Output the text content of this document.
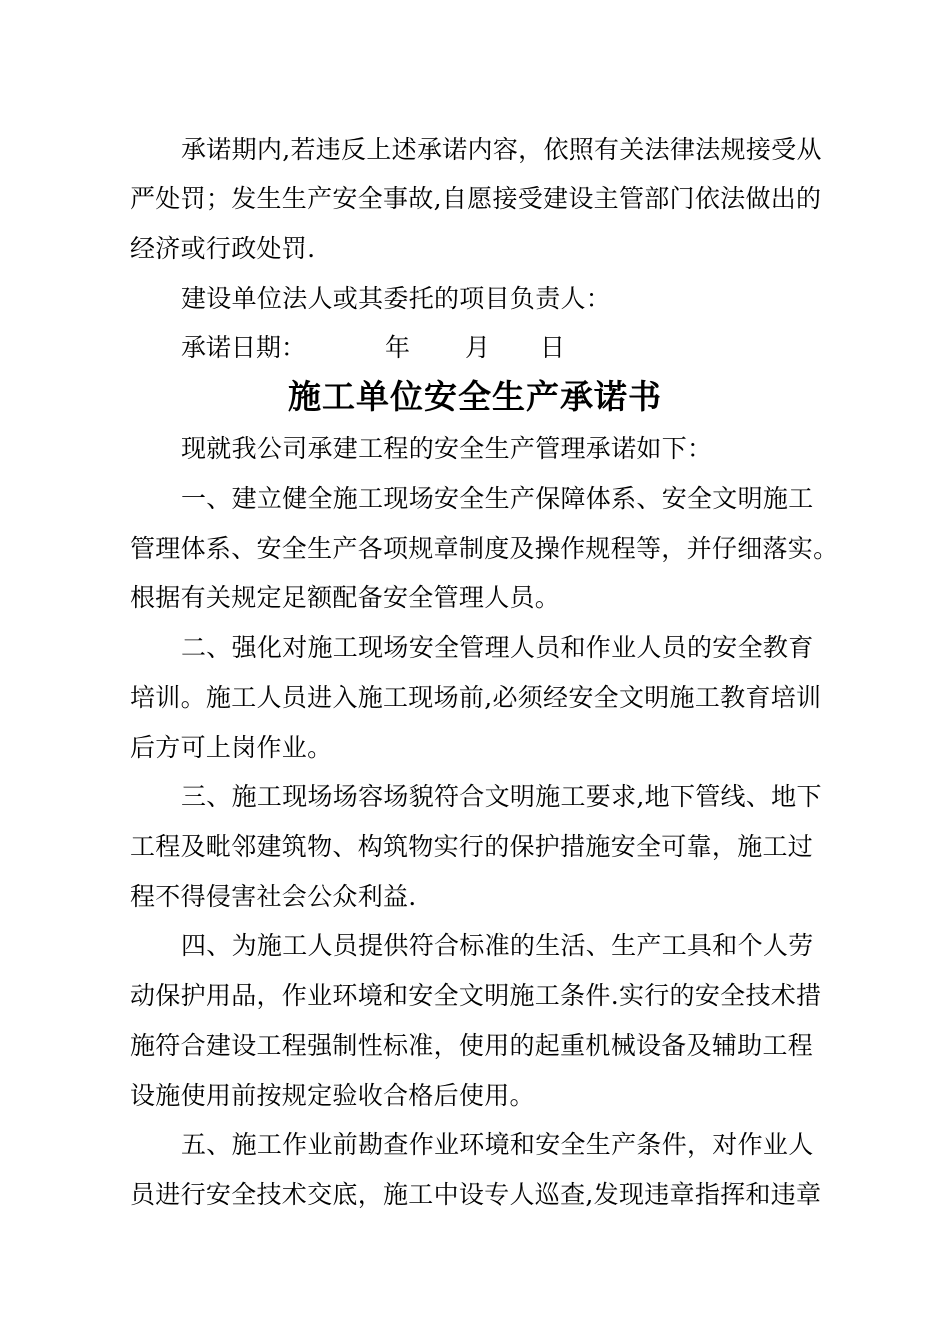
承诺期内,若违反上述承诺内容，依照有关法律法规接受从
严处罚；发生生产安全事故,自愿接受建设主管部门依法做出的
经济或行政处罚.
建设单位法人或其委托的项目负责人：
承诺日期：	年 月 日
施工单位安全生产承诺书
现就我公司承建工程的安全生产管理承诺如下：
一、建立健全施工现场安全生产保障体系、安全文明施工
管理体系、安全生产各项规章制度及操作规程等，并仔细落实。
根据有关规定足额配备安全管理人员。
二、强化对施工现场安全管理人员和作业人员的安全教育
培训。施工人员进入施工现场前,必须经安全文明施工教育培训
后方可上岗作业。
三、施工现场场容场貌符合文明施工要求,地下管线、地下
工程及毗邻建筑物、构筑物实行的保护措施安全可靠，施工过
程不得侵害社会公众利益.
四、为施工人员提供符合标准的生活、生产工具和个人劳
动保护用品，作业环境和安全文明施工条件.实行的安全技术措
施符合建设工程强制性标准，使用的起重机械设备及辅助工程
设施使用前按规定验收合格后使用。
五、施工作业前勘查作业环境和安全生产条件，对作业人
员进行安全技术交底，施工中设专人巡查,发现违章指挥和违章
